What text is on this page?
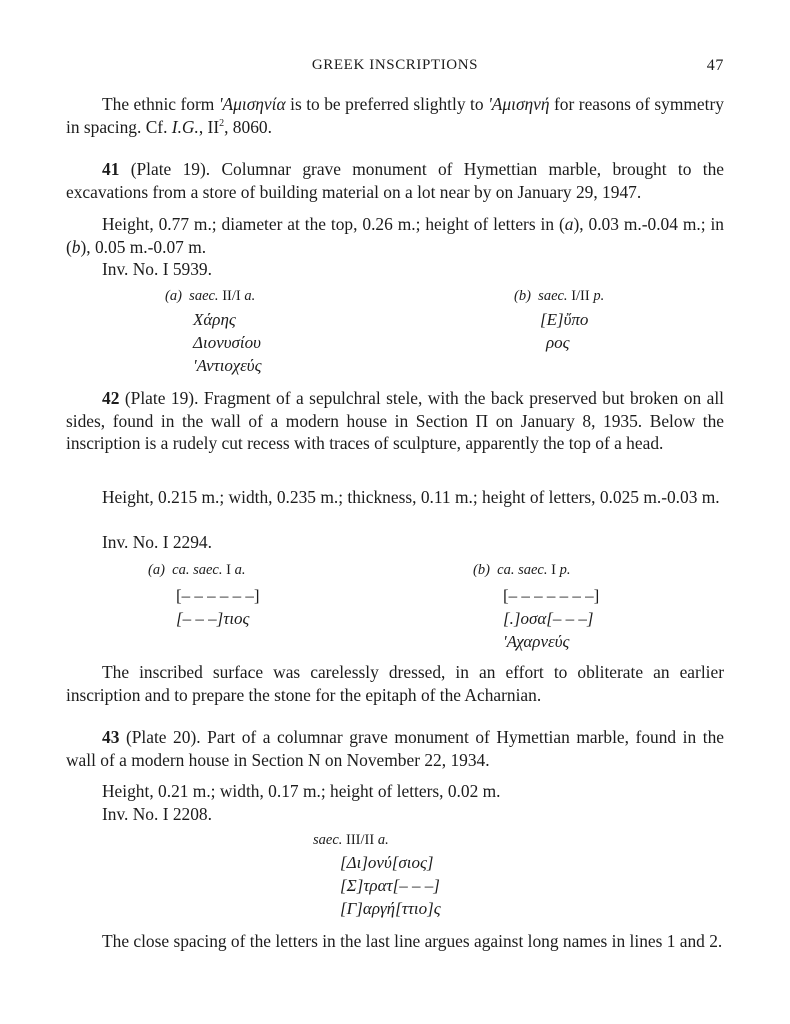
GREEK INSCRIPTIONS	47

The ethnic form 'Αμισηνία is to be preferred slightly to 'Αμισηνή for reasons of symmetry in spacing. Cf. I.G., $II^2$, 8060.

41 (Plate 19). Columnar grave monument of Hymettian marble, brought to the excavations from a store of building material on a lot near by on January 29, 1947.

Height, 0.77 m.; diameter at the top, 0.26 m.; height of letters in (a), 0.03 m.-0.04 m.; in (b), 0.05 m.-0.07 m.

Inv. No. I 5939.

(a) saec. II/I a.
Χάρης
Διονυσίου
'Αντιοχεύς
(b) saec. I/II p.
[Ε]ὔπο
ρος

42 (Plate 19). Fragment of a sepulchral stele, with the back preserved but broken on all sides, found in the wall of a modern house in Section Π on January 8, 1935. Below the inscription is a rudely cut recess with traces of sculpture, apparently the top of a head.

Height, 0.215 m.; width, 0.235 m.; thickness, 0.11 m.; height of letters, 0.025 m.-0.03 m.

Inv. No. I 2294.

(a) ca. saec. I a.
[– – – – – –]
[– – –]τιος
(b) ca. saec. I p.
[– – – – – – –]
[.]οσα[– – –]
'Αχαρνεύς

The inscribed surface was carelessly dressed, in an effort to obliterate an earlier inscription and to prepare the stone for the epitaph of the Acharnian.

43 (Plate 20). Part of a columnar grave monument of Hymettian marble, found in the wall of a modern house in Section N on November 22, 1934.

Height, 0.21 m.; width, 0.17 m.; height of letters, 0.02 m.

Inv. No. I 2208.

saec. III/II a.
[Δι]ονύ[σιος]
[Σ]τρατ[– – –]
[Γ]αργή[ττιο]ς

The close spacing of the letters in the last line argues against long names in lines 1 and 2.
